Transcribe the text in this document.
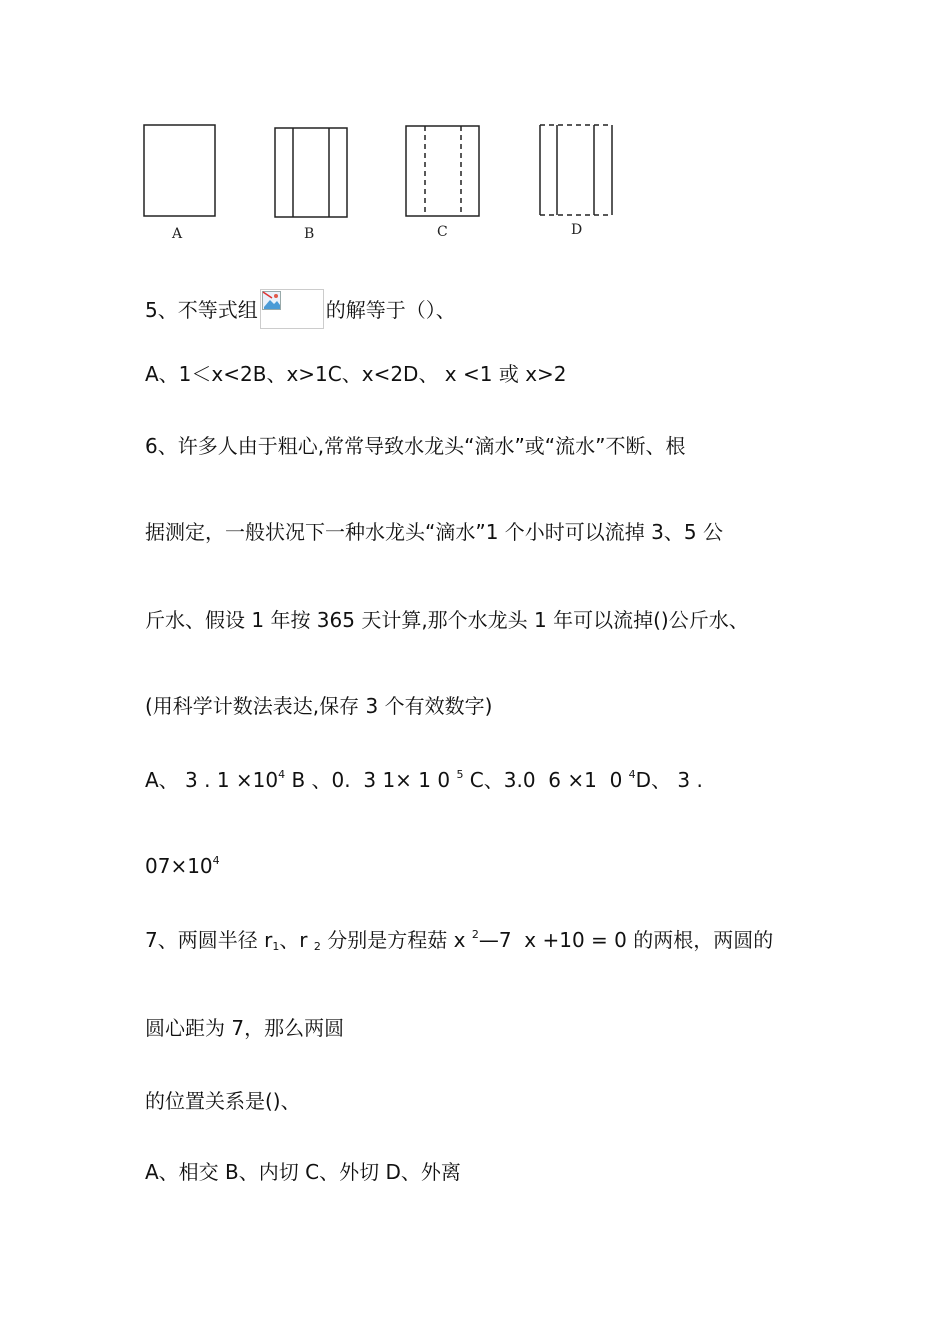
A	B	C	D
5、不等式组	的解等于（）、
A、1＜x<2B、x>1C、x<2D、 x <1 或 x>2
6、许多人由于粗心,常常导致水龙头“滴水”或“流水”不断、根
据测定，一般状况下一种水龙头“滴水”1 个小时可以流掉 3、5 公
斤水、假设 1 年按 365 天计算,那个水龙头 1 年可以流掉()公斤水、
(用科学计数法表达,保存 3 个有效数字)
A、 3 . $1 \times 10^4$ B 、0.  3 1× 1 0 $^5$ C、3.0  6 ×1  0 $^4$D、 3 .
$07\times 10^4$
7、两圆半径 $r_1$、r $_2$ 分别是方程菇 x $^2$—7  x +10 = 0 的两根，两圆的
圆心距为 7，那么两圆
的位置关系是()、
A、相交 B、内切 C、外切 D、外离
